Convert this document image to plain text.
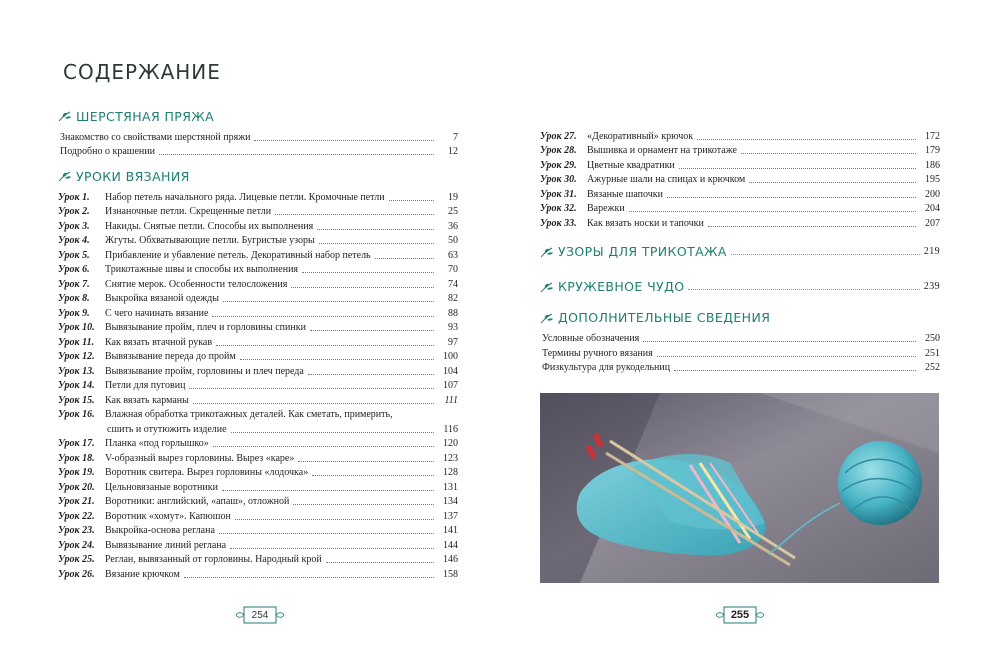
СОДЕРЖАНИЕ
ШЕРСТЯНАЯ ПРЯЖА
Знакомство со свойствами шерстяной пряжи	7
Подробно о крашении	12
УРОКИ ВЯЗАНИЯ
Урок 1.	Набор петель начального ряда. Лицевые петли. Кромочные петли	19
Урок 2.	Изнаночные петли. Скрещенные петли	25
Урок 3.	Накиды. Снятые петли. Способы их выполнения	36
Урок 4.	Жгуты. Обхватывающие петли. Бугристые узоры	50
Урок 5.	Прибавление и убавление петель. Декоративный набор петель	63
Урок 6.	Трикотажные швы и способы их выполнения	70
Урок 7.	Снятие мерок. Особенности телосложения	74
Урок 8.	Выкройка вязаной одежды	82
Урок 9.	С чего начинать вязание	88
Урок 10.	Вывязывание пройм, плеч и горловины спинки	93
Урок 11.	Как вязать втачной рукав	97
Урок 12.	Вывязывание переда до пройм	100
Урок 13.	Вывязывание пройм, горловины и плеч переда	104
Урок 14.	Петли для пуговиц	107
Урок 15.	Как вязать карманы	111
Урок 16.	Влажная обработка трикотажных деталей. Как сметать, примерить,
сшить и отутюжить изделие	116
Урок 17.	Планка «под горлышко»	120
Урок 18.	V-образный вырез горловины. Вырез «каре»	123
Урок 19.	Воротник свитера. Вырез горловины «лодочка»	128
Урок 20.	Цельновязаные воротники	131
Урок 21.	Воротники: английский, «апаш», отложной	134
Урок 22.	Воротник «хомут». Капюшон	137
Урок 23.	Выкройка-основа реглана	141
Урок 24.	Вывязывание линий реглана	144
Урок 25.	Реглан, вывязанный от горловины. Народный крой	146
Урок 26.	Вязание крючком	158
Урок 27.	«Декоративный» крючок	172
Урок 28.	Вышивка и орнамент на трикотаже	179
Урок 29.	Цветные квадратики	186
Урок 30.	Ажурные шали на спицах и крючком	195
Урок 31.	Вязаные шапочки	200
Урок 32.	Варежки	204
Урок 33.	Как вязать носки и тапочки	207
УЗОРЫ ДЛЯ ТРИКОТАЖА	219
КРУЖЕВНОЕ ЧУДО	239
ДОПОЛНИТЕЛЬНЫЕ СВЕДЕНИЯ
Условные обозначения	250
Термины ручного вязания	251
Физкультура для рукодельниц	252
254	255
